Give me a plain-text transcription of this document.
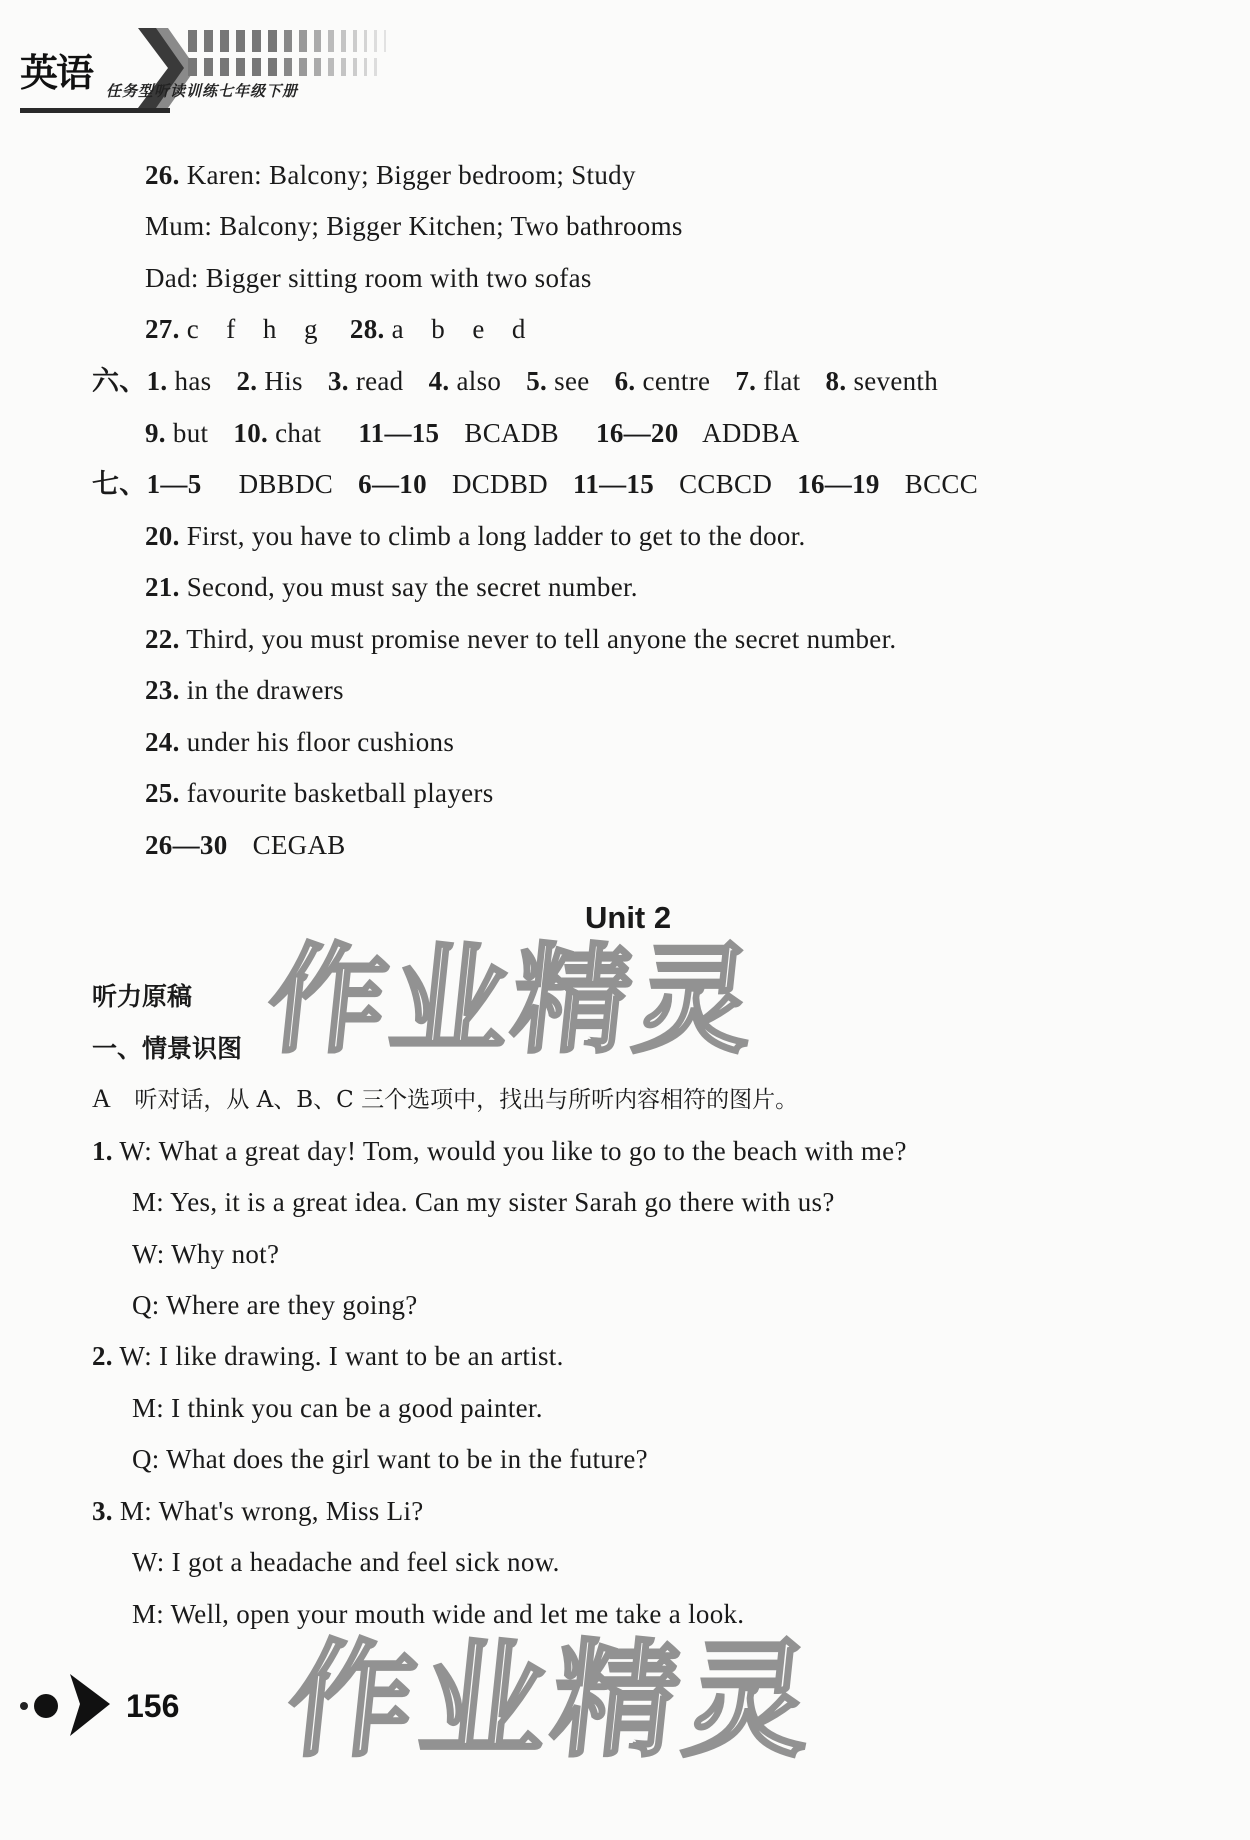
英语 任务型听读训练七年级下册
26. Karen: Balcony; Bigger bedroom; Study
Mum: Balcony; Bigger Kitchen; Two bathrooms
Dad: Bigger sitting room with two sofas
27. c　f　h　g 28. a　b　e　d
六、1. has 2. His 3. read 4. also 5. see 6. centre 7. flat 8. seventh
9. but 10. chat 11—15 BCADB 16—20 ADDBA
七、1—5 DBBDC 6—10 DCDBD 11—15 CCBCD 16—19 BCCC
20. First, you have to climb a long ladder to get to the door.
21. Second, you must say the secret number.
22. Third, you must promise never to tell anyone the secret number.
23. in the drawers
24. under his floor cushions
25. favourite basketball players
26—30 CEGAB
作业精灵
Unit 2
听力原稿
一、情景识图
A 听对话，从 A、B、C 三个选项中，找出与所听内容相符的图片。
1. W: What a great day! Tom, would you like to go to the beach with me?
M: Yes, it is a great idea. Can my sister Sarah go there with us?
W: Why not?
Q: Where are they going?
2. W: I like drawing. I want to be an artist.
M: I think you can be a good painter.
Q: What does the girl want to be in the future?
3. M: What's wrong, Miss Li?
W: I got a headache and feel sick now.
M: Well, open your mouth wide and let me take a look.
作业精灵
156
